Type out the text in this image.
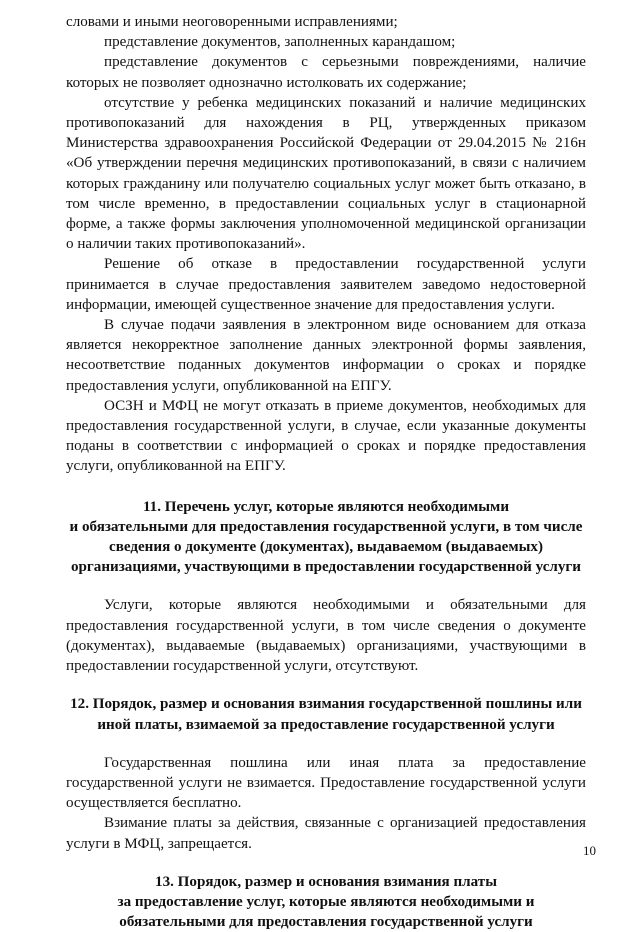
словами и иными неоговоренными исправлениями;

представление документов, заполненных карандашом;

представление документов с серьезными повреждениями, наличие которых не позволяет однозначно истолковать их содержание;

отсутствие у ребенка медицинских показаний и наличие медицинских противопоказаний для нахождения в РЦ, утвержденных приказом Министерства здравоохранения Российской Федерации от 29.04.2015 № 216н «Об утверждении перечня медицинских противопоказаний, в связи с наличием которых гражданину или получателю социальных услуг может быть отказано, в том числе временно, в предоставлении социальных услуг в стационарной форме, а также формы заключения уполномоченной медицинской организации о наличии таких противопоказаний».

Решение об отказе в предоставлении государственной услуги принимается в случае предоставления заявителем заведомо недостоверной информации, имеющей существенное значение для предоставления услуги.

В случае подачи заявления в электронном виде основанием для отказа является некорректное заполнение данных электронной формы заявления, несоответствие поданных документов информации о сроках и порядке предоставления услуги, опубликованной на ЕПГУ.

ОСЗН и МФЦ не могут отказать в приеме документов, необходимых для предоставления государственной услуги, в случае, если указанные документы поданы в соответствии с информацией о сроках и порядке предоставления услуги, опубликованной на ЕПГУ.

11. Перечень услуг, которые являются необходимыми
и обязательными для предоставления государственной услуги, в том числе
сведения о документе (документах), выдаваемом (выдаваемых)
организациями, участвующими в предоставлении государственной услуги

Услуги, которые являются необходимыми и обязательными для предоставления государственной услуги, в том числе сведения о документе (документах), выдаваемые (выдаваемых) организациями, участвующими в предоставлении государственной услуги, отсутствуют.

12. Порядок, размер и основания взимания государственной пошлины или
иной платы, взимаемой за предоставление государственной услуги

Государственная пошлина или иная плата за предоставление государственной услуги не взимается. Предоставление государственной услуги осуществляется бесплатно.

Взимание платы за действия, связанные с организацией предоставления услуги в МФЦ, запрещается.

13. Порядок, размер и основания взимания платы
за предоставление услуг, которые являются необходимыми и
обязательными для предоставления государственной услуги
10
